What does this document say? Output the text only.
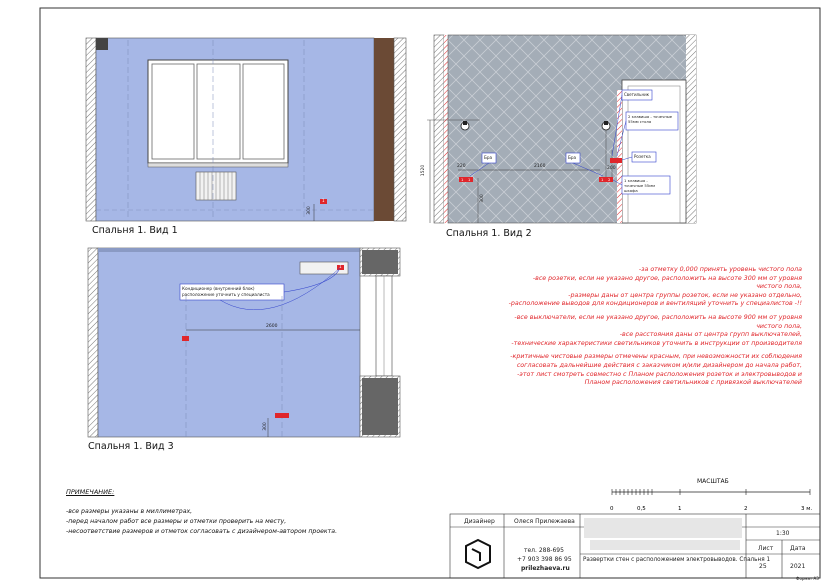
Спальня 1. Вид 1	Спальня 1. Вид 2
Спальня 1. Вид 3
300
1
1520	220	2160	200
300
Бра	Бра
Светильник
2 клавиша - точечные 55мм стола
Розетка
1 клавиша - точечные 55мм шкафа
1 1	1 2
Кондиционер (внутренний блок) расположение уточнить у специалиста
2600
300
1	-за отметку 0,000 принять уровень чистого пола
-все розетки, если не указано другое, расположить на высоте 300 мм от уровня
чистого пола,
-размеры даны от центра группы розеток, если не указано отдельно,
-расположение выводов для кондиционеров и вентиляций уточнить у специалистов -!!
-все выключатели, если не указано другое, расположить на высоте 900 мм от уровня
чистого пола,
-все расстояния даны от центра групп выключателей,
-технические характеристики светильников уточнить в инструкции от производителя
-критичные чистовые размеры отмечены красным, при невозможности их соблюдения
согласовать дальнейшие действия с заказчиком и/или дизайнером до начала работ,
-этот лист смотреть совместно с Планом расположения розеток и электровыводов и
Планом расположения светильников с привязкой выключателей
МАСШТАБ
0	0,5	1	2	3 м.
ПРИМЕЧАНИЕ:
-все размеры указаны в миллиметрах,
-перед началом работ все размеры и отметки проверить на месту,
-несоответствие размеров и отметок согласовать с дизайнером-автором проекта.
Дизайнер	Олеся Прилежаева
тел. 288-695
+7 903 398 86 95
prilezhaeva.ru
Развертки стен с расположением электровыводов. Спальня 1
1:30
Лист	Дата
25	2021
Формат А3
